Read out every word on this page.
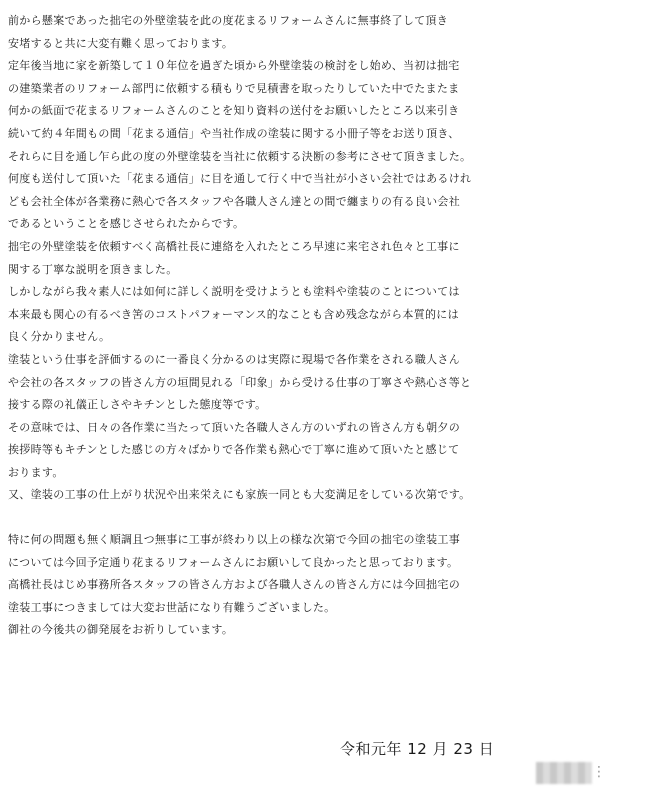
前から懸案であった拙宅の外壁塗装を此の度花まるリフォームさんに無事終了して頂き
安堵すると共に大変有難く思っております。
定年後当地に家を新築して１０年位を過ぎた頃から外壁塗装の検討をし始め、当初は拙宅
の建築業者のリフォーム部門に依頼する積もりで見積書を取ったりしていた中でたまたま
何かの紙面で花まるリフォームさんのことを知り資料の送付をお願いしたところ以来引き
続いて約４年間もの間「花まる通信」や当社作成の塗装に関する小冊子等をお送り頂き、
それらに目を通し乍ら此の度の外壁塗装を当社に依頼する決断の参考にさせて頂きました。
何度も送付して頂いた「花まる通信」に目を通して行く中で当社が小さい会社ではあるけれ
ども会社全体が各業務に熱心で各スタッフや各職人さん達との間で纏まりの有る良い会社
であるということを感じさせられたからです。
拙宅の外壁塗装を依頼すべく高橋社長に連絡を入れたところ早速に来宅され色々と工事に
関する丁寧な説明を頂きました。
しかしながら我々素人には如何に詳しく説明を受けようとも塗料や塗装のことについては
本来最も関心の有るべき筈のコストパフォーマンス的なことも含め残念ながら本質的には
良く分かりません。
塗装という仕事を評価するのに一番良く分かるのは実際に現場で各作業をされる職人さん
や会社の各スタッフの皆さん方の垣間見れる「印象」から受ける仕事の丁寧さや熱心さ等と
接する際の礼儀正しさやキチンとした態度等です。
その意味では、日々の各作業に当たって頂いた各職人さん方のいずれの皆さん方も朝夕の
挨拶時等もキチンとした感じの方々ばかりで各作業も熱心で丁寧に進めて頂いたと感じて
おります。
又、塗装の工事の仕上がり状況や出来栄えにも家族一同とも大変満足をしている次第です。
特に何の問題も無く順調且つ無事に工事が終わり以上の様な次第で今回の拙宅の塗装工事
については今回予定通り花まるリフォームさんにお願いして良かったと思っております。
高橋社長はじめ事務所各スタッフの皆さん方および各職人さんの皆さん方には今回拙宅の
塗装工事につきましては大変お世話になり有難うございました。
御社の今後共の御発展をお祈りしています。
令和元年 12 月 23 日
⋮
